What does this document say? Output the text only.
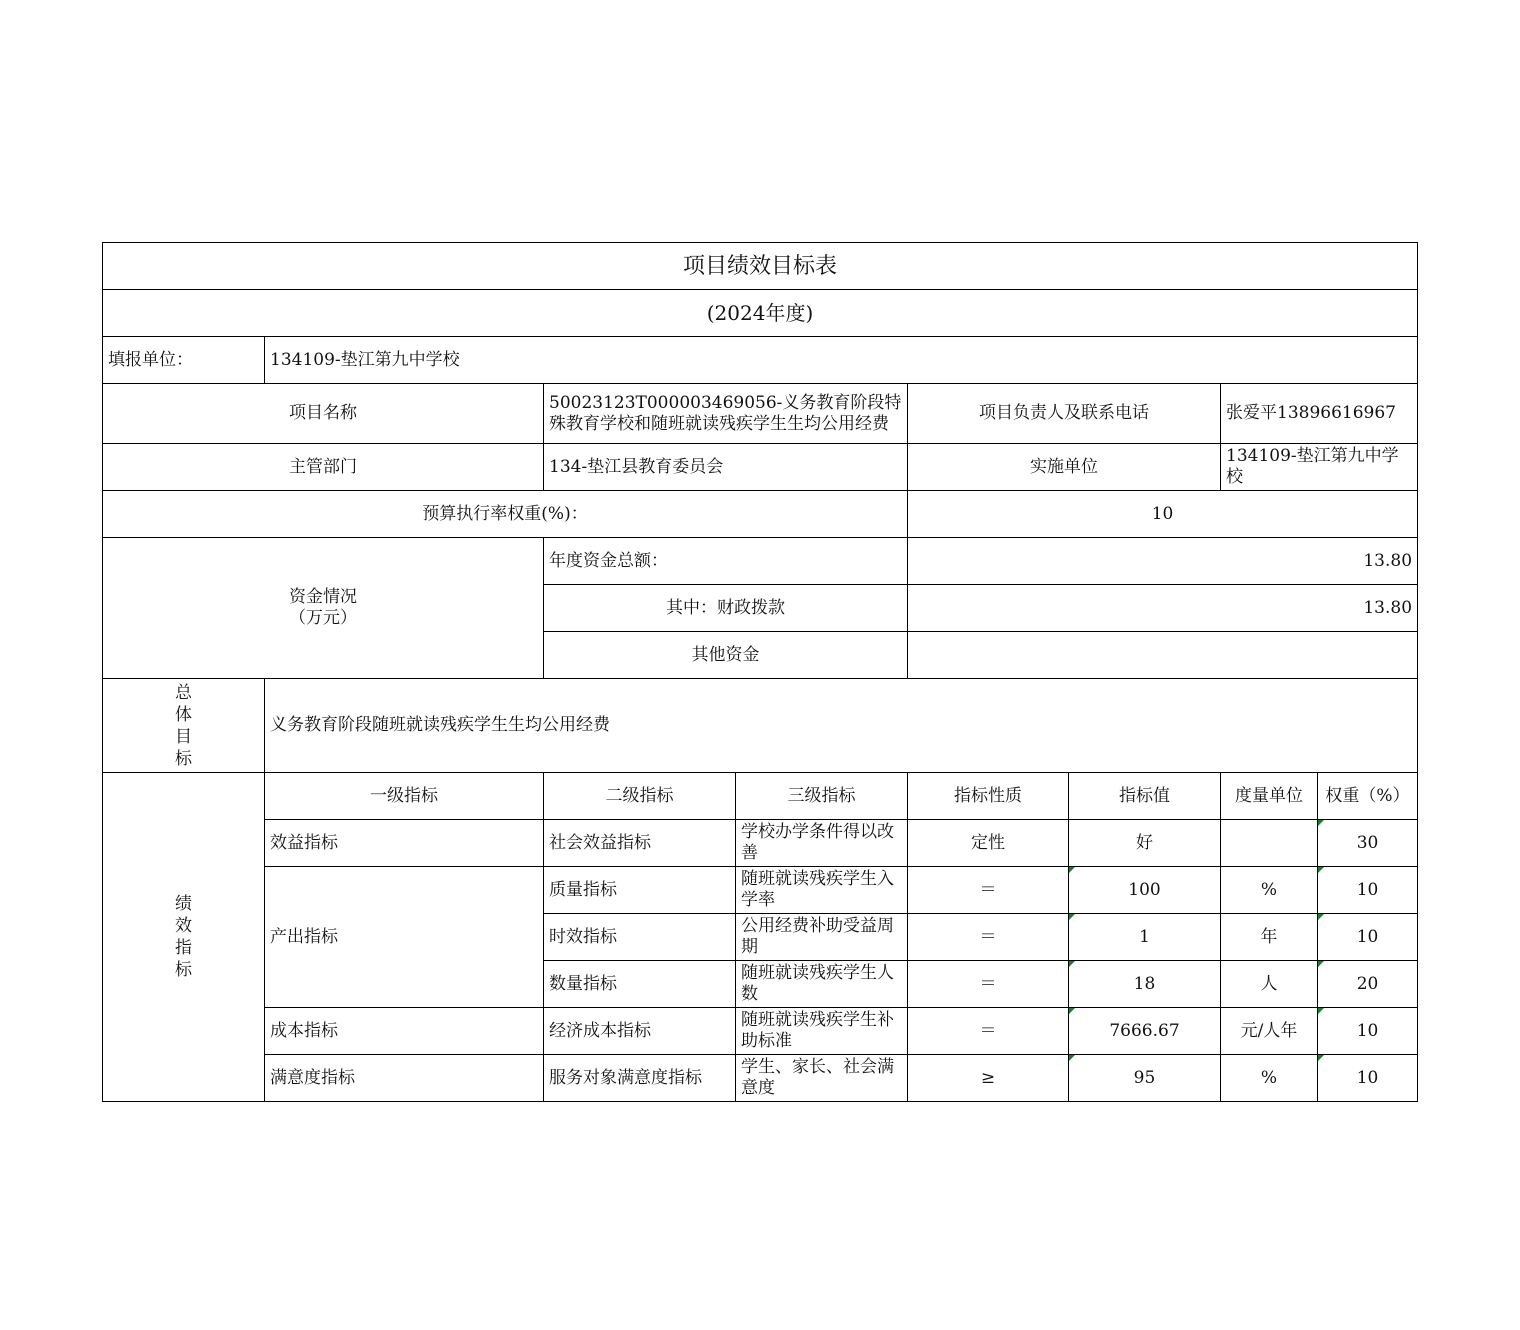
项目绩效目标表							
(2024年度)							
填报单位：	134109-垫江第九中学校						
项目名称		50023123T000003469056-义务教育阶段特殊教育学校和随班就读残疾学生生均公用经费		项目负责人及联系电话		张爱平13896616967	
主管部门		134-垫江县教育委员会		实施单位		134109-垫江第九中学校	

预算执行率权重(%)：				10			
资金情况
（万元）		年度资金总额：		13.80			
		其中：财政拨款		13.80			
		其他资金					
总体目标	义务教育阶段随班就读残疾学生生均公用经费						
绩效指标	一级指标	二级指标	三级指标	指标性质	指标值	度量单位	权重（%）
	效益指标	社会效益指标	学校办学条件得以改善	定性	好		30
	产出指标	质量指标	随班就读残疾学生入学率	＝	100	%	10
		时效指标	公用经费补助受益周期	＝	1	年	10
		数量指标	随班就读残疾学生人数	＝	18	人	20
	成本指标	经济成本指标	随班就读残疾学生补助标准	＝	7666.67	元/人年	10
	满意度指标	服务对象满意度指标	学生、家长、社会满意度	≥	95	%	10
